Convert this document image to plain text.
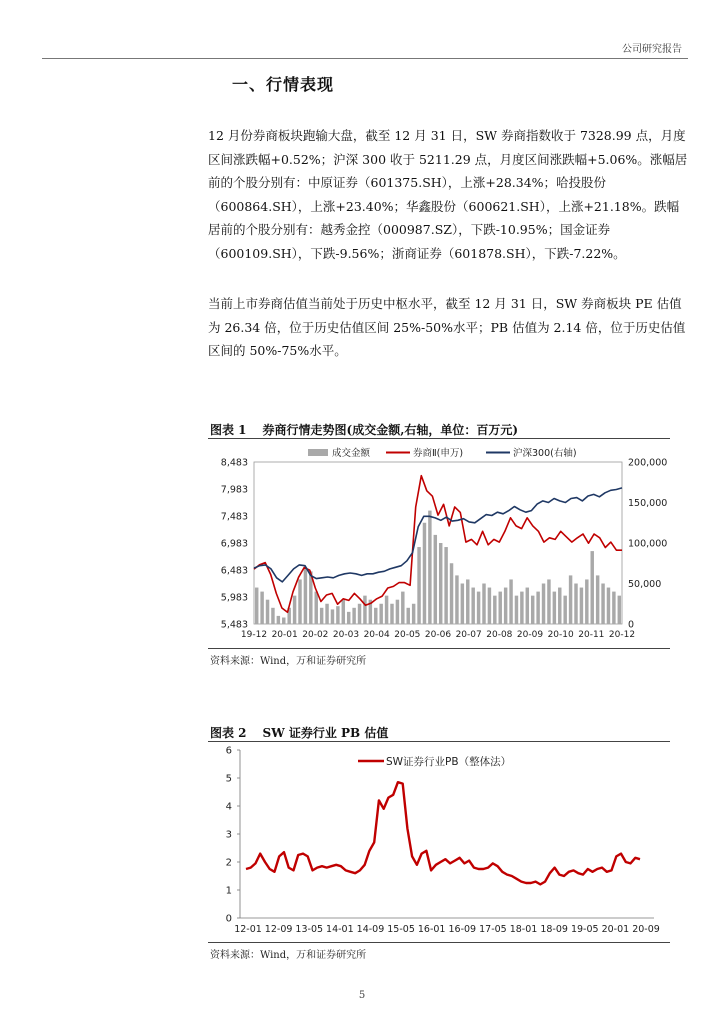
公司研究报告
一、行情表现

12 月份券商板块跑输大盘，截至 12 月 31 日，SW 券商指数收于 7328.99 点，月度区间涨跌幅+0.52%；沪深 300 收于 5211.29 点，月度区间涨跌幅+5.06%。涨幅居前的个股分别有：中原证券（601375.SH），上涨+28.34%；哈投股份（600864.SH），上涨+23.40%；华鑫股份（600621.SH），上涨+21.18%。跌幅居前的个股分别有：越秀金控（000987.SZ），下跌-10.95%；国金证券（600109.SH），下跌-9.56%；浙商证券（601878.SH），下跌-7.22%。

当前上市券商估值当前处于历史中枢水平，截至 12 月 31 日，SW 券商板块 PE 估值为 26.34 倍，位于历史估值区间 25%-50%水平；PB 估值为 2.14 倍，位于历史估值区间的 50%-75%水平。

图表 1 券商行情走势图(成交金额,右轴，单位：百万元)
5,483
5,983
6,483
6,983
7,483
7,983
8,483
0
50,000
100,000
150,000
200,000
19-12 20-01 20-02 20-03 20-04 20-05 20-06 20-07 20-08 20-09 20-10 20-11 20-12
成交金额	券商Ⅱ(申万)	沪深300(右轴)
资料来源：Wind，万和证券研究所
图表 2 SW 证券行业 PB 估值
0
1
2
3
4
5
6
12-01 12-09 13-05 14-01 14-09 15-05 16-01 16-09 17-05 18-01 18-09 19-05 20-01 20-09
SW证券行业PB（整体法）
资料来源：Wind，万和证券研究所
5
